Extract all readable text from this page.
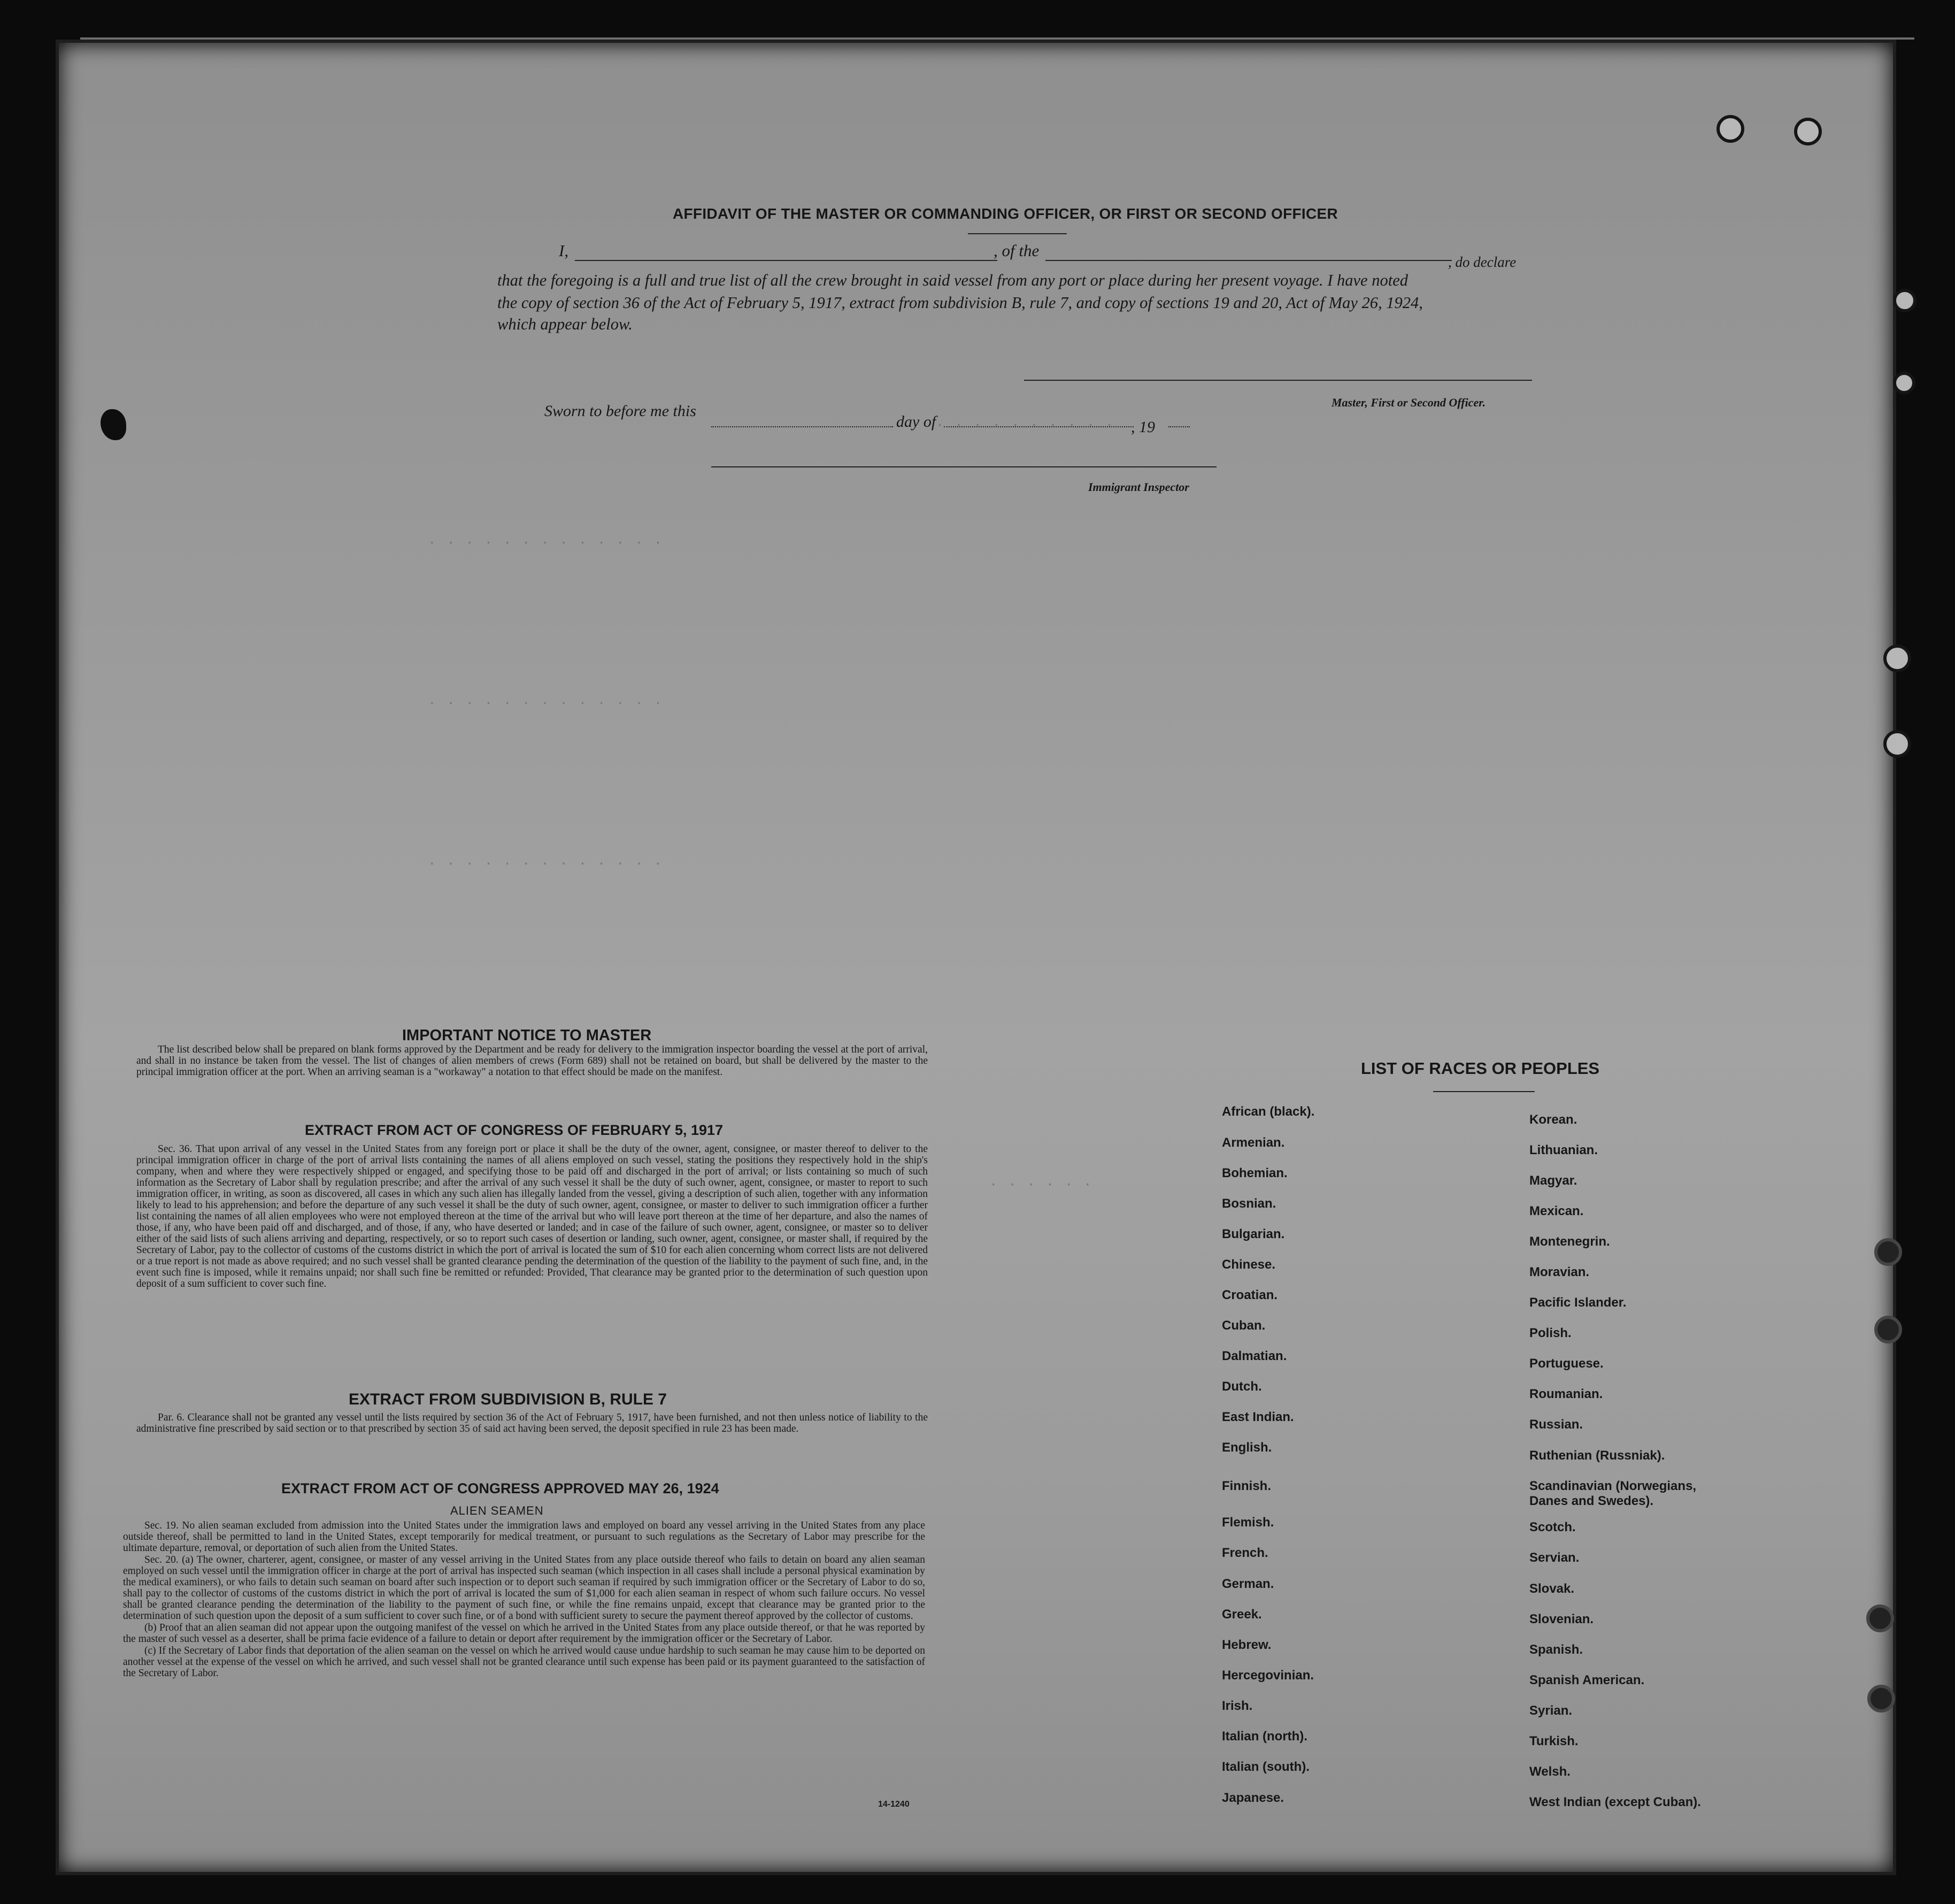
· · · · · · · · · ·
· · · · · · · · · · · · ·
· · · · · · · · · · · · ·
· · · · · · · · · · · · ·
· · · · · ·
AFFIDAVIT OF THE MASTER OR COMMANDING OFFICER, OR FIRST OR SECOND OFFICER
I,	, of the
, do declare
that the foregoing is a full and true list of all the crew brought in said vessel from any port or place during her present voyage. I have noted
the copy of section 36 of the Act of February 5, 1917, extract from subdivision B, rule 7, and copy of sections 19 and 20, Act of May 26, 1924,
which appear below.
Master, First or Second Officer.
Sworn to before me this
day of	, 19
Immigrant Inspector
IMPORTANT NOTICE TO MASTER
The list described below shall be prepared on blank forms approved by the Department and be ready for delivery to the immigration inspector boarding the vessel at the port of arrival, and shall in no instance be taken from the vessel. The list of changes of alien members of crews (Form 689) shall not be retained on board, but shall be delivered by the master to the principal immigration officer at the port. When an arriving seaman is a "workaway" a notation to that effect should be made on the manifest.
EXTRACT FROM ACT OF CONGRESS OF FEBRUARY 5, 1917
Sec. 36. That upon arrival of any vessel in the United States from any foreign port or place it shall be the duty of the owner, agent, consignee, or master thereof to deliver to the principal immigration officer in charge of the port of arrival lists containing the names of all aliens employed on such vessel, stating the positions they respectively hold in the ship's company, when and where they were respectively shipped or engaged, and specifying those to be paid off and discharged in the port of arrival; or lists containing so much of such information as the Secretary of Labor shall by regulation prescribe; and after the arrival of any such vessel it shall be the duty of such owner, agent, consignee, or master to report to such immigration officer, in writing, as soon as discovered, all cases in which any such alien has illegally landed from the vessel, giving a description of such alien, together with any information likely to lead to his apprehension; and before the departure of any such vessel it shall be the duty of such owner, agent, consignee, or master to deliver to such immigration officer a further list containing the names of all alien employees who were not employed thereon at the time of the arrival but who will leave port thereon at the time of her departure, and also the names of those, if any, who have been paid off and discharged, and of those, if any, who have deserted or landed; and in case of the failure of such owner, agent, consignee, or master so to deliver either of the said lists of such aliens arriving and departing, respectively, or so to report such cases of desertion or landing, such owner, agent, consignee, or master shall, if required by the Secretary of Labor, pay to the collector of customs of the customs district in which the port of arrival is located the sum of $10 for each alien concerning whom correct lists are not delivered or a true report is not made as above required; and no such vessel shall be granted clearance pending the determination of the question of the liability to the payment of such fine, and, in the event such fine is imposed, while it remains unpaid; nor shall such fine be remitted or refunded: Provided, That clearance may be granted prior to the determination of such question upon deposit of a sum sufficient to cover such fine.
EXTRACT FROM SUBDIVISION B, RULE 7
Par. 6. Clearance shall not be granted any vessel until the lists required by section 36 of the Act of February 5, 1917, have been furnished, and not then unless notice of liability to the administrative fine prescribed by said section or to that prescribed by section 35 of said act having been served, the deposit specified in rule 23 has been made.
EXTRACT FROM ACT OF CONGRESS APPROVED MAY 26, 1924
ALIEN SEAMEN
Sec. 19. No alien seaman excluded from admission into the United States under the immigration laws and employed on board any vessel arriving in the United States from any place outside thereof, shall be permitted to land in the United States, except temporarily for medical treatment, or pursuant to such regulations as the Secretary of Labor may prescribe for the ultimate departure, removal, or deportation of such alien from the United States.
Sec. 20. (a) The owner, charterer, agent, consignee, or master of any vessel arriving in the United States from any place outside thereof who fails to detain on board any alien seaman employed on such vessel until the immigration officer in charge at the port of arrival has inspected such seaman (which inspection in all cases shall include a personal physical examination by the medical examiners), or who fails to detain such seaman on board after such inspection or to deport such seaman if required by such immigration officer or the Secretary of Labor to do so, shall pay to the collector of customs of the customs district in which the port of arrival is located the sum of $1,000 for each alien seaman in respect of whom such failure occurs. No vessel shall be granted clearance pending the determination of the liability to the payment of such fine, or while the fine remains unpaid, except that clearance may be granted prior to the determination of such question upon the deposit of a sum sufficient to cover such fine, or of a bond with sufficient surety to secure the payment thereof approved by the collector of customs.
(b) Proof that an alien seaman did not appear upon the outgoing manifest of the vessel on which he arrived in the United States from any place outside thereof, or that he was reported by the master of such vessel as a deserter, shall be prima facie evidence of a failure to detain or deport after requirement by the immigration officer or the Secretary of Labor.
(c) If the Secretary of Labor finds that deportation of the alien seaman on the vessel on which he arrived would cause undue hardship to such seaman he may cause him to be deported on another vessel at the expense of the vessel on which he arrived, and such vessel shall not be granted clearance until such expense has been paid or its payment guaranteed to the satisfaction of the Secretary of Labor.
14-1240
LIST OF RACES OR PEOPLES
African (black).
Armenian.
Bohemian.
Bosnian.
Bulgarian.
Chinese.
Croatian.
Cuban.
Dalmatian.
Dutch.
East Indian.
English.
Finnish.
Flemish.
French.
German.
Greek.
Hebrew.
Hercegovinian.
Irish.
Italian (north).
Italian (south).
Japanese.
Korean.
Lithuanian.
Magyar.
Mexican.
Montenegrin.
Moravian.
Pacific Islander.
Polish.
Portuguese.
Roumanian.
Russian.
Ruthenian (Russniak).
Scandinavian (Norwegians, Danes and Swedes).
Scotch.
Servian.
Slovak.
Slovenian.
Spanish.
Spanish American.
Syrian.
Turkish.
Welsh.
West Indian (except Cuban).
